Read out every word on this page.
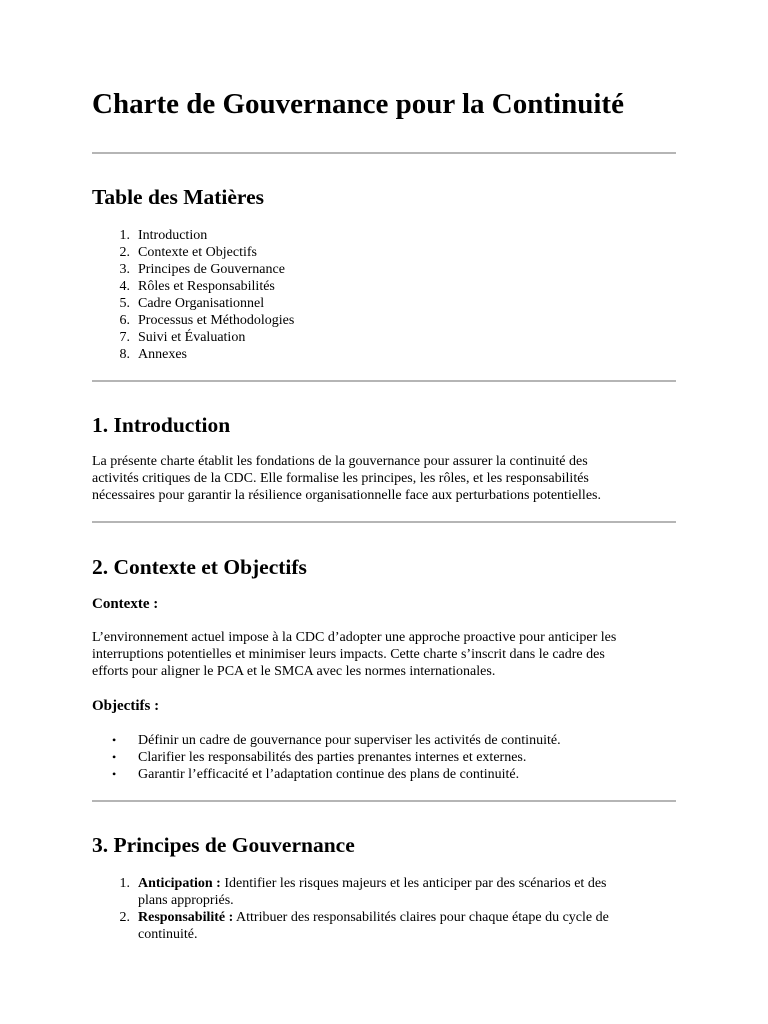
Charte de Gouvernance pour la Continuité
Table des Matières
1. Introduction
2. Contexte et Objectifs
3. Principes de Gouvernance
4. Rôles et Responsabilités
5. Cadre Organisationnel
6. Processus et Méthodologies
7. Suivi et Évaluation
8. Annexes
1. Introduction

La présente charte établit les fondations de la gouvernance pour assurer la continuité des
activités critiques de la CDC. Elle formalise les principes, les rôles, et les responsabilités
nécessaires pour garantir la résilience organisationnelle face aux perturbations potentielles.

2. Contexte et Objectifs
Contexte :

L’environnement actuel impose à la CDC d’adopter une approche proactive pour anticiper les
interruptions potentielles et minimiser leurs impacts. Cette charte s’inscrit dans le cadre des
efforts pour aligner le PCA et le SMCA avec les normes internationales.

Objectifs :
•	Définir un cadre de gouvernance pour superviser les activités de continuité.
•	Clarifier les responsabilités des parties prenantes internes et externes.
•	Garantir l’efficacité et l’adaptation continue des plans de continuité.
3. Principes de Gouvernance
1. Anticipation : Identifier les risques majeurs et les anticiper par des scénarios et des
plans appropriés.
2. Responsabilité : Attribuer des responsabilités claires pour chaque étape du cycle de
continuité.
